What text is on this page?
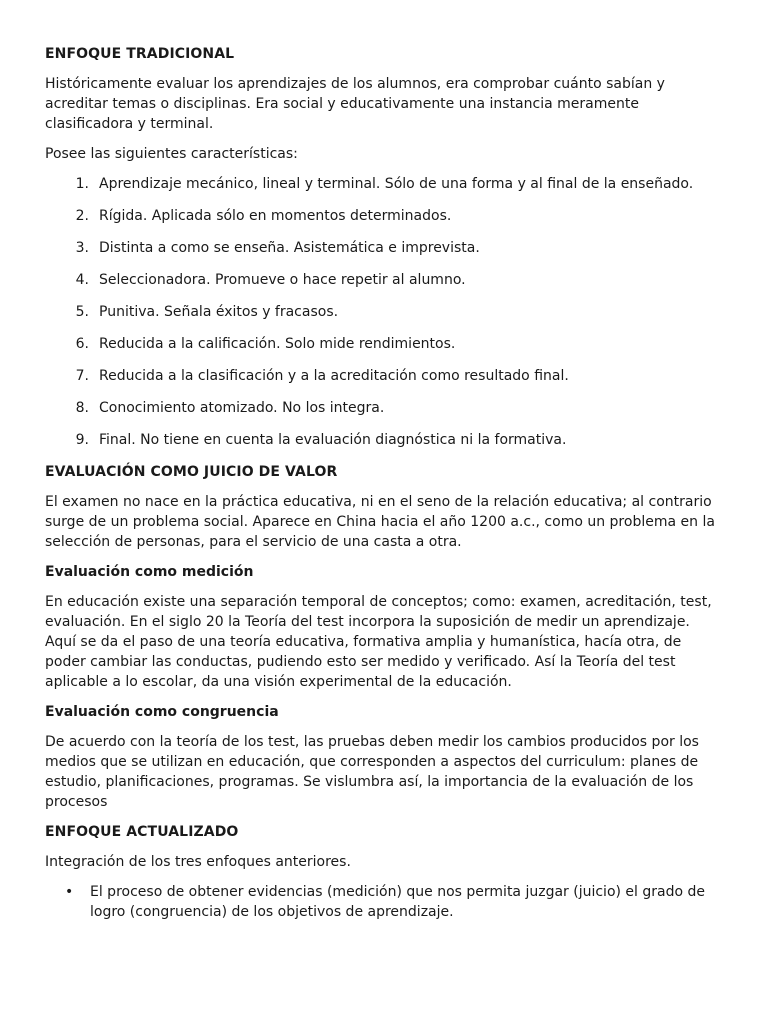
ENFOQUE TRADICIONAL

Históricamente evaluar los aprendizajes de los alumnos, era comprobar cuánto sabían y acreditar temas o disciplinas. Era social y educativamente una instancia meramente clasificadora y terminal.

Posee las siguientes características:

1. Aprendizaje mecánico, lineal y terminal. Sólo de una forma y al final de la enseñado.
2. Rígida. Aplicada sólo en momentos determinados.
3. Distinta a como se enseña. Asistemática e imprevista.
4. Seleccionadora. Promueve o hace repetir al alumno.
5. Punitiva. Señala éxitos y fracasos.
6. Reducida a la calificación. Solo mide rendimientos.
7. Reducida a la clasificación y a la acreditación como resultado final.
8. Conocimiento atomizado. No los integra.
9. Final. No tiene en cuenta la evaluación diagnóstica ni la formativa.
EVALUACIÓN COMO JUICIO DE VALOR

El examen no nace en la práctica educativa, ni en el seno de la relación educativa; al contrario surge de un problema social. Aparece en China hacia el año 1200 a.c., como un problema en la selección de personas, para el servicio de una casta a otra.

Evaluación como medición

En educación existe una separación temporal de conceptos; como: examen, acreditación, test, evaluación. En el siglo 20 la Teoría del test incorpora la suposición de medir un aprendizaje. Aquí se da el paso de una teoría educativa, formativa amplia y humanística, hacía otra, de poder cambiar las conductas, pudiendo esto ser medido y verificado. Así la Teoría del test aplicable a lo escolar, da una visión experimental de la educación.

Evaluación como congruencia

De acuerdo con la teoría de los test, las pruebas deben medir los cambios producidos por los medios que se utilizan en educación, que corresponden a aspectos del curriculum: planes de estudio, planificaciones, programas. Se vislumbra así, la importancia de la evaluación de los procesos

ENFOQUE ACTUALIZADO

Integración de los tres enfoques anteriores.

•	El proceso de obtener evidencias (medición) que nos permita juzgar (juicio) el grado de logro (congruencia) de los objetivos de aprendizaje.
